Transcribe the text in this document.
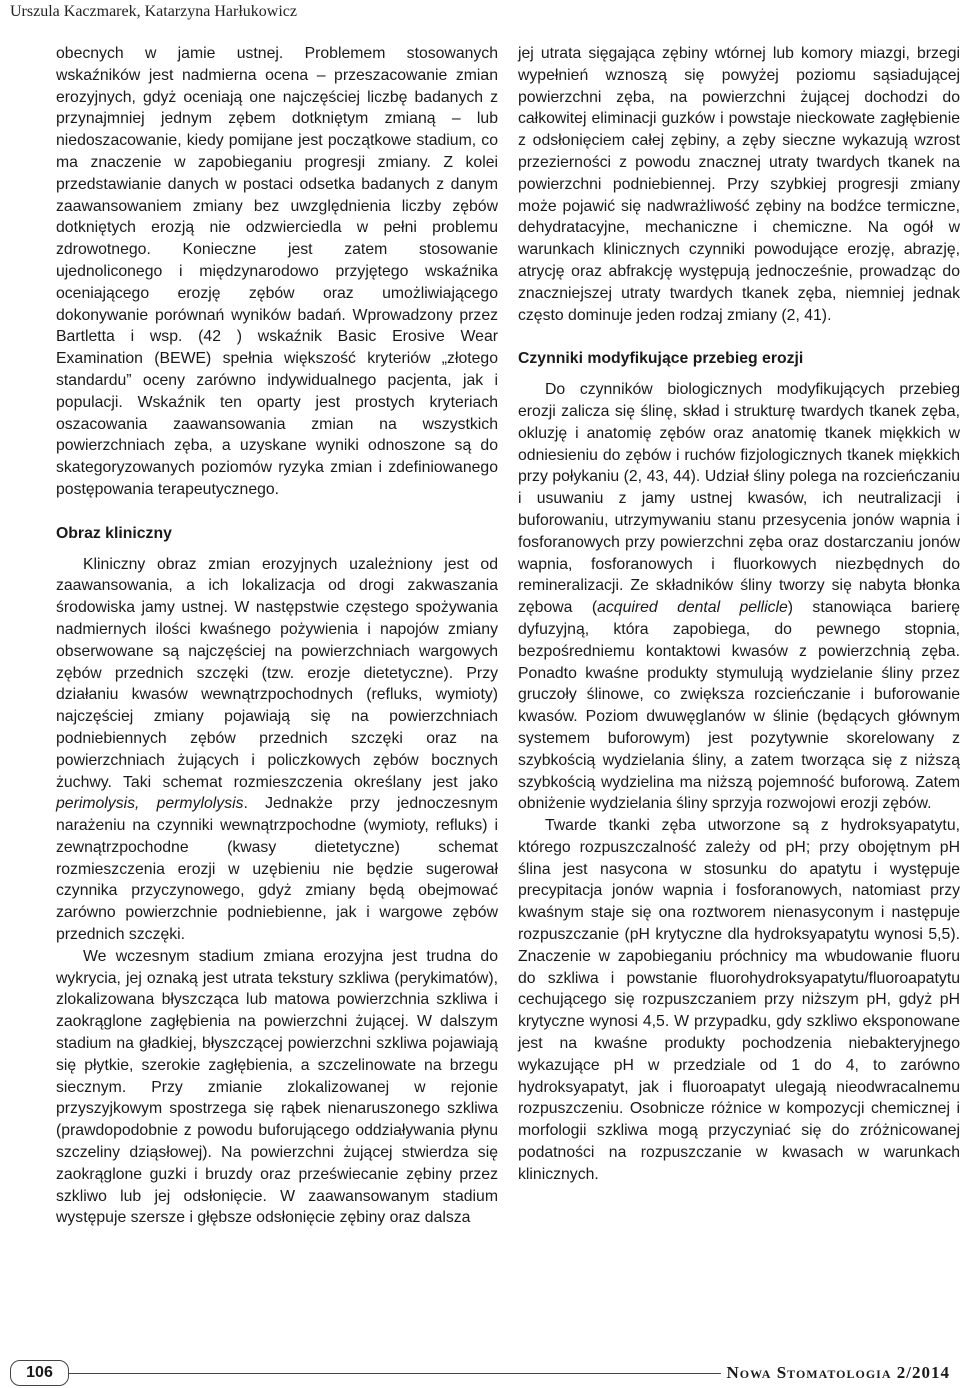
Urszula Kaczmarek, Katarzyna Harłukowicz

obecnych w jamie ustnej. Problemem stosowanych wskaźników jest nadmierna ocena – przeszacowanie zmian erozyjnych, gdyż oceniają one najczęściej liczbę badanych z przynajmniej jednym zębem dotkniętym zmianą – lub niedoszacowanie, kiedy pomijane jest początkowe stadium, co ma znaczenie w zapobieganiu progresji zmiany. Z kolei przedstawianie danych w postaci odsetka badanych z danym zaawansowaniem zmiany bez uwzględnienia liczby zębów dotkniętych erozją nie odzwierciedla w pełni problemu zdrowotnego. Konieczne jest zatem stosowanie ujednoliconego i międzynarodowo przyjętego wskaźnika oceniającego erozję zębów oraz umożliwiającego dokonywanie porównań wyników badań. Wprowadzony przez Bartletta i wsp. (42 ) wskaźnik Basic Erosive Wear Examination (BEWE) spełnia większość kryteriów „złotego standardu” oceny zarówno indywidualnego pacjenta, jak i populacji. Wskaźnik ten oparty jest prostych kryteriach oszacowania zaawansowania zmian na wszystkich powierzchniach zęba, a uzyskane wyniki odnoszone są do skategoryzowanych poziomów ryzyka zmian i zdefiniowanego postępowania terapeutycznego.

Obraz kliniczny

Kliniczny obraz zmian erozyjnych uzależniony jest od zaawansowania, a ich lokalizacja od drogi zakwaszania środowiska jamy ustnej. W następstwie częstego spożywania nadmiernych ilości kwaśnego pożywienia i napojów zmiany obserwowane są najczęściej na powierzchniach wargowych zębów przednich szczęki (tzw. erozje dietetyczne). Przy działaniu kwasów wewnątrzpochodnych (refluks, wymioty) najczęściej zmiany pojawiają się na powierzchniach podniebiennych zębów przednich szczęki oraz na powierzchniach żujących i policzkowych zębów bocznych żuchwy. Taki schemat rozmieszczenia określany jest jako perimolysis, permylolysis. Jednakże przy jednoczesnym narażeniu na czynniki wewnątrzpochodne (wymioty, refluks) i zewnątrzpochodne (kwasy dietetyczne) schemat rozmieszczenia erozji w uzębieniu nie będzie sugerował czynnika przyczynowego, gdyż zmiany będą obejmować zarówno powierzchnie podniebienne, jak i wargowe zębów przednich szczęki.

We wczesnym stadium zmiana erozyjna jest trudna do wykrycia, jej oznaką jest utrata tekstury szkliwa (perykimatów), zlokalizowana błyszcząca lub matowa powierzchnia szkliwa i zaokrąglone zagłębienia na powierzchni żującej. W dalszym stadium na gładkiej, błyszczącej powierzchni szkliwa pojawiają się płytkie, szerokie zagłębienia, a szczelinowate na brzegu siecznym. Przy zmianie zlokalizowanej w rejonie przyszyjkowym spostrzega się rąbek nienaruszonego szkliwa (prawdopodobnie z powodu buforującego oddziaływania płynu szczeliny dziąsłowej). Na powierzchni żującej stwierdza się zaokrąglone guzki i bruzdy oraz przeświecanie zębiny przez szkliwo lub jej odsłonięcie. W zaawansowanym stadium występuje szersze i głębsze odsłonięcie zębiny oraz dalsza

jej utrata sięgająca zębiny wtórnej lub komory miazgi, brzegi wypełnień wznoszą się powyżej poziomu sąsiadującej powierzchni zęba, na powierzchni żującej dochodzi do całkowitej eliminacji guzków i powstaje nieckowate zagłębienie z odsłonięciem całej zębiny, a zęby sieczne wykazują wzrost przezierności z powodu znacznej utraty twardych tkanek na powierzchni podniebiennej. Przy szybkiej progresji zmiany może pojawić się nadwrażliwość zębiny na bodźce termiczne, dehydratacyjne, mechaniczne i chemiczne. Na ogół w warunkach klinicznych czynniki powodujące erozję, abrazję, atrycję oraz abfrakcję występują jednocześnie, prowadząc do znaczniejszej utraty twardych tkanek zęba, niemniej jednak często dominuje jeden rodzaj zmiany (2, 41).

Czynniki modyfikujące przebieg erozji

Do czynników biologicznych modyfikujących przebieg erozji zalicza się ślinę, skład i strukturę twardych tkanek zęba, okluzję i anatomię zębów oraz anatomię tkanek miękkich w odniesieniu do zębów i ruchów fizjologicznych tkanek miękkich przy połykaniu (2, 43, 44). Udział śliny polega na rozcieńczaniu i usuwaniu z jamy ustnej kwasów, ich neutralizacji i buforowaniu, utrzymywaniu stanu przesycenia jonów wapnia i fosforanowych przy powierzchni zęba oraz dostarczaniu jonów wapnia, fosforanowych i fluorkowych niezbędnych do remineralizacji. Ze składników śliny tworzy się nabyta błonka zębowa (acquired dental pellicle) stanowiąca barierę dyfuzyjną, która zapobiega, do pewnego stopnia, bezpośredniemu kontaktowi kwasów z powierzchnią zęba. Ponadto kwaśne produkty stymulują wydzielanie śliny przez gruczoły ślinowe, co zwiększa rozcieńczanie i buforowanie kwasów. Poziom dwuwęglanów w ślinie (będących głównym systemem buforowym) jest pozytywnie skorelowany z szybkością wydzielania śliny, a zatem tworząca się z niższą szybkością wydzielina ma niższą pojemność buforową. Zatem obniżenie wydzielania śliny sprzyja rozwojowi erozji zębów.

Twarde tkanki zęba utworzone są z hydroksyapatytu, którego rozpuszczalność zależy od pH; przy obojętnym pH ślina jest nasycona w stosunku do apatytu i występuje precypitacja jonów wapnia i fosforanowych, natomiast przy kwaśnym staje się ona roztworem nienasyconym i następuje rozpuszczanie (pH krytyczne dla hydroksyapatytu wynosi 5,5). Znaczenie w zapobieganiu próchnicy ma wbudowanie fluoru do szkliwa i powstanie fluorohydroksyapatytu/fluoroapatytu cechującego się rozpuszczaniem przy niższym pH, gdyż pH krytyczne wynosi 4,5. W przypadku, gdy szkliwo eksponowane jest na kwaśne produkty pochodzenia niebakteryjnego wykazujące pH w przedziale od 1 do 4, to zarówno hydroksyapatyt, jak i fluoroapatyt ulegają nieodwracalnemu rozpuszczeniu. Osobnicze różnice w kompozycji chemicznej i morfologii szkliwa mogą przyczyniać się do zróżnicowanej podatności na rozpuszczanie w kwasach w warunkach klinicznych.

106	Nowa Stomatologia 2/2014
